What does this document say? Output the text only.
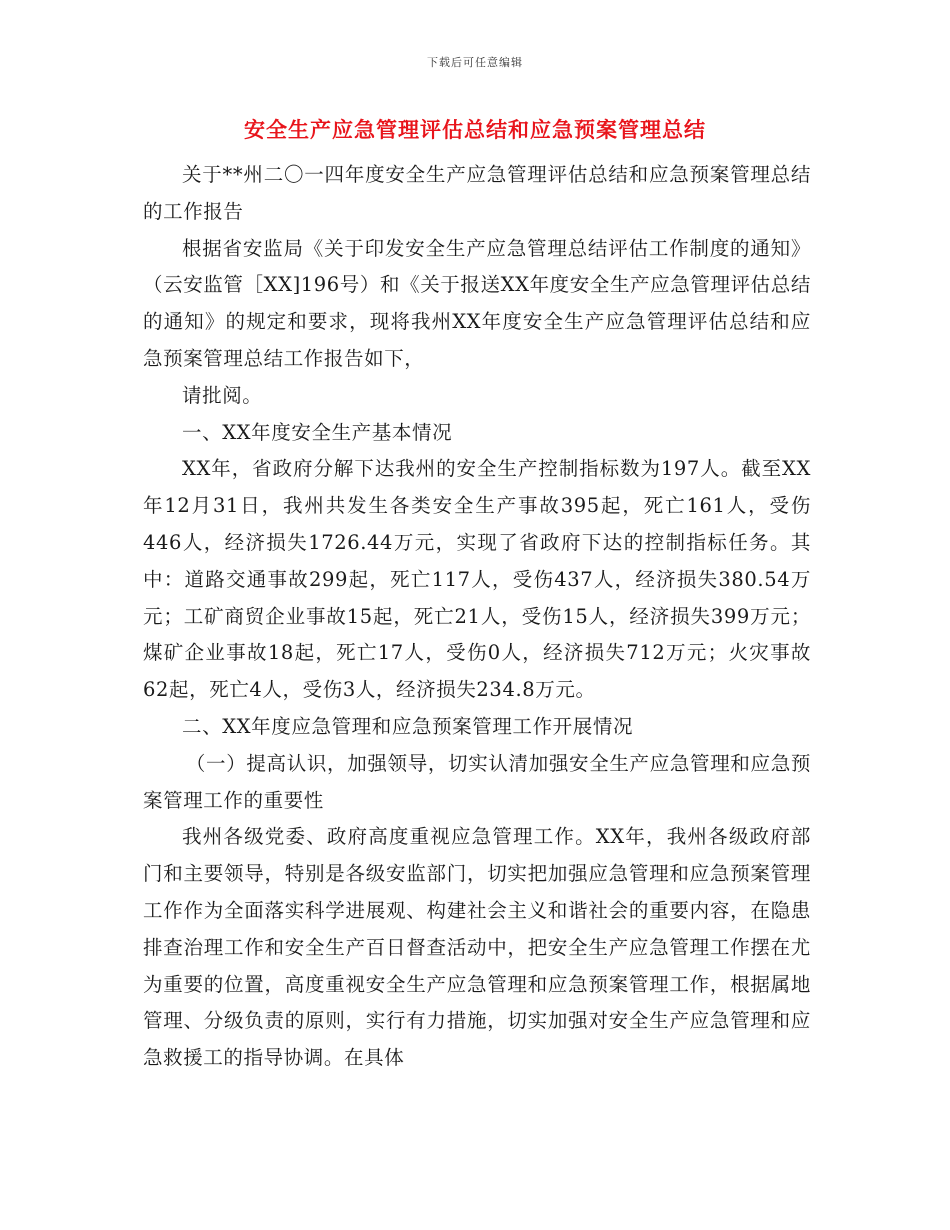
下载后可任意编辑
安全生产应急管理评估总结和应急预案管理总结

关于**州二〇一四年度安全生产应急管理评估总结和应急预案管理总结的工作报告

根据省安监局《关于印发安全生产应急管理总结评估工作制度的通知》（云安监管［XX]196号）和《关于报送XX年度安全生产应急管理评估总结的通知》的规定和要求，现将我州XX年度安全生产应急管理评估总结和应急预案管理总结工作报告如下，

请批阅。

一、XX年度安全生产基本情况

XX年，省政府分解下达我州的安全生产控制指标数为197人。截至XX年12月31日，我州共发生各类安全生产事故395起，死亡161人，受伤446人，经济损失1726.44万元，实现了省政府下达的控制指标任务。其中：道路交通事故299起，死亡117人，受伤437人，经济损失380.54万元；工矿商贸企业事故15起，死亡21人，受伤15人，经济损失399万元；煤矿企业事故18起，死亡17人，受伤0人，经济损失712万元；火灾事故62起，死亡4人，受伤3人，经济损失234.8万元。

二、XX年度应急管理和应急预案管理工作开展情况

（一）提高认识，加强领导，切实认清加强安全生产应急管理和应急预案管理工作的重要性

我州各级党委、政府高度重视应急管理工作。XX年，我州各级政府部门和主要领导，特别是各级安监部门，切实把加强应急管理和应急预案管理工作作为全面落实科学进展观、构建社会主义和谐社会的重要内容，在隐患排查治理工作和安全生产百日督查活动中，把安全生产应急管理工作摆在尤为重要的位置，高度重视安全生产应急管理和应急预案管理工作，根据属地管理、分级负责的原则，实行有力措施，切实加强对安全生产应急管理和应急救援工的指导协调。在具体
